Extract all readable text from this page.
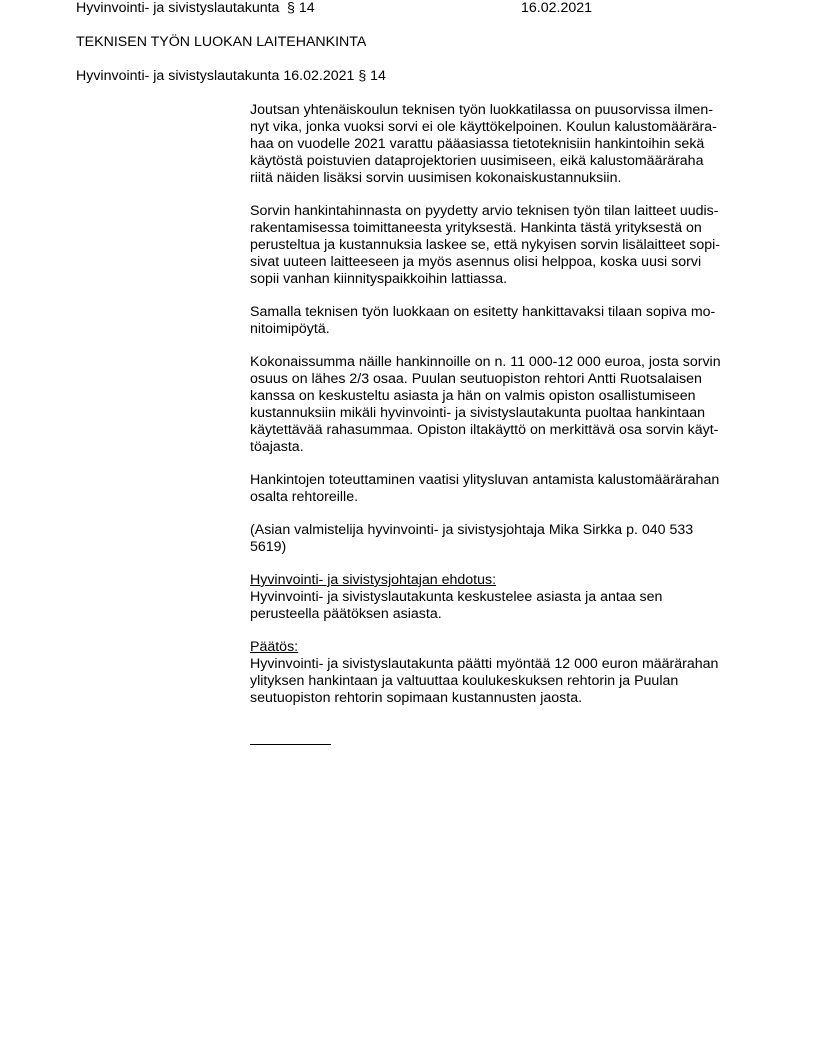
Hyvinvointi- ja sivistyslautakunta § 14	16.02.2021
TEKNISEN TYÖN LUOKAN LAITEHANKINTA
Hyvinvointi- ja sivistyslautakunta 16.02.2021 § 14
Joutsan yhtenäiskoulun teknisen työn luokkatilassa on puusorvissa ilmen-
nyt vika, jonka vuoksi sorvi ei ole käyttökelpoinen. Koulun kalustomäärära-
haa on vuodelle 2021 varattu pääasiassa tietoteknisiin hankintoihin sekä
käytöstä poistuvien dataprojektorien uusimiseen, eikä kalustomääräraha
riitä näiden lisäksi sorvin uusimisen kokonaiskustannuksiin.
Sorvin hankintahinnasta on pyydetty arvio teknisen työn tilan laitteet uudis-
rakentamisessa toimittaneesta yrityksestä. Hankinta tästä yrityksestä on
perusteltua ja kustannuksia laskee se, että nykyisen sorvin lisälaitteet sopi-
sivat uuteen laitteeseen ja myös asennus olisi helppoa, koska uusi sorvi
sopii vanhan kiinnityspaikkoihin lattiassa.
Samalla teknisen työn luokkaan on esitetty hankittavaksi tilaan sopiva mo-
nitoimipöytä.
Kokonaissumma näille hankinnoille on n. 11 000-12 000 euroa, josta sorvin
osuus on lähes 2/3 osaa. Puulan seutuopiston rehtori Antti Ruotsalaisen
kanssa on keskusteltu asiasta ja hän on valmis opiston osallistumiseen
kustannuksiin mikäli hyvinvointi- ja sivistyslautakunta puoltaa hankintaan
käytettävää rahasummaa. Opiston iltakäyttö on merkittävä osa sorvin käyt-
töajasta.
Hankintojen toteuttaminen vaatisi ylitysluvan antamista kalustomäärärahan
osalta rehtoreille.
(Asian valmistelija hyvinvointi- ja sivistysjohtaja Mika Sirkka p. 040 533
5619)
Hyvinvointi- ja sivistysjohtajan ehdotus:
Hyvinvointi- ja sivistyslautakunta keskustelee asiasta ja antaa sen
perusteella päätöksen asiasta.
Päätös:
Hyvinvointi- ja sivistyslautakunta päätti myöntää 12 000 euron määrärahan
ylityksen hankintaan ja valtuuttaa koulukeskuksen rehtorin ja Puulan
seutuopiston rehtorin sopimaan kustannusten jaosta.
